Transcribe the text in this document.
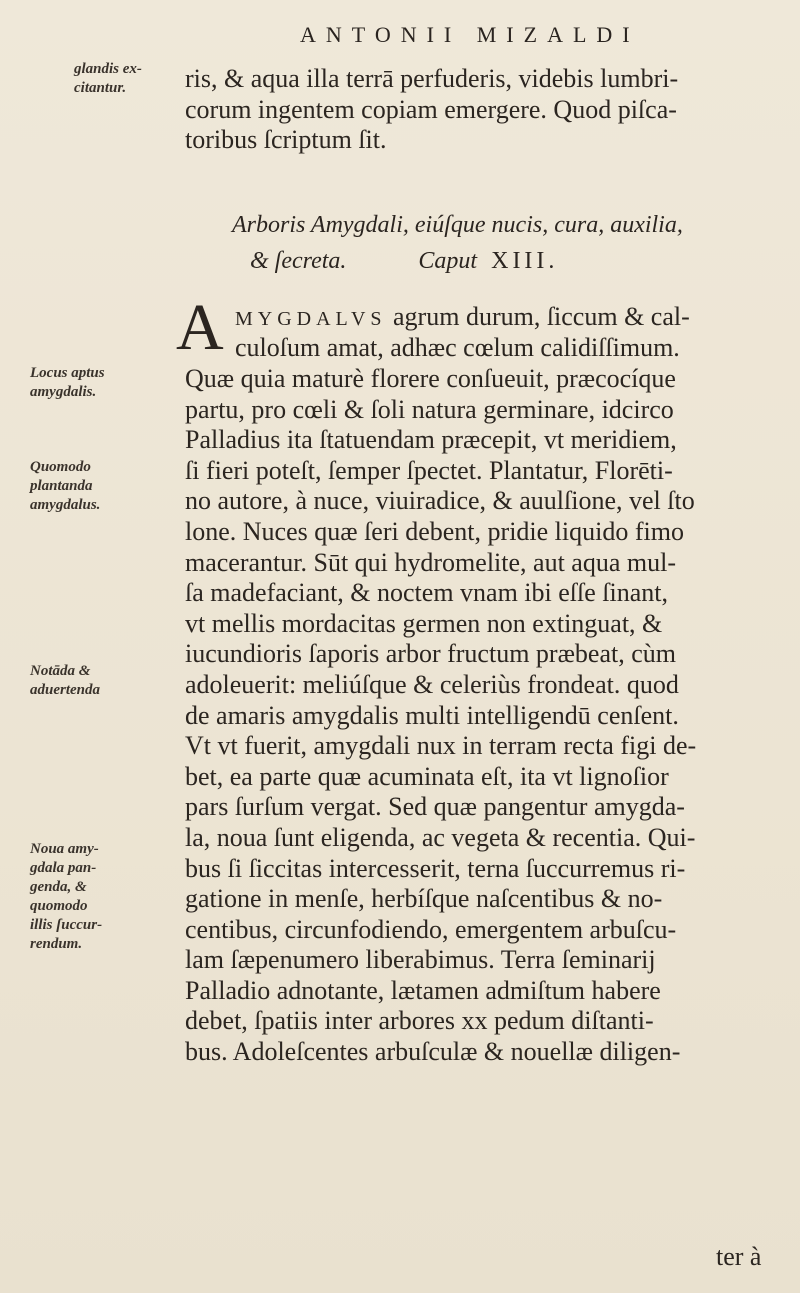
ANTONII MIZALDI
glandis ex-
citantur.	ris, & aqua illa terrā perfuderis, videbis lumbri-
corum ingentem copiam emergere. Quod piſca-
toribus ſcriptum ſit.
Arboris Amygdali, eiúſque nucis, cura, auxilia,
& ſecreta.	Caput XIII.
A MYGDALVS agrum durum, ſiccum & cal-
culoſum amat, adhæc cœlum calidiſſimum.
Locus aptus
amygdalis.
Quomodo
plantanda
amygdalus.
Notāda &
aduertenda
Noua amy-
gdala pan-
genda, &
quomodo
illis ſuccur-
rendum.
Quæ quia maturè florere conſueuit, præcocíque
partu, pro cœli & ſoli natura germinare, idcirco
Palladius ita ſtatuendam præcepit, vt meridiem,
ſi fieri poteſt, ſemper ſpectet. Plantatur, Florēti-
no autore, à nuce, viuiradice, & auulſione, vel ſto
lone. Nuces quæ ſeri debent, pridie liquido fimo
macerantur. Sūt qui hydromelite, aut aqua mul-
ſa madefaciant, & noctem vnam ibi eſſe ſinant,
vt mellis mordacitas germen non extinguat, &
iucundioris ſaporis arbor fructum præbeat, cùm
adoleuerit: meliúſque & celeriùs frondeat. quod
de amaris amygdalis multi intelligendū cenſent.
Vt vt fuerit, amygdali nux in terram recta figi de-
bet, ea parte quæ acuminata eſt, ita vt lignoſior
pars ſurſum vergat. Sed quæ pangentur amygda-
la, noua ſunt eligenda, ac vegeta & recentia. Qui-
bus ſi ſiccitas intercesserit, terna ſuccurremus ri-
gatione in menſe, herbíſque naſcentibus & no-
centibus, circunfodiendo, emergentem arbuſcu-
lam ſæpenumero liberabimus. Terra ſeminarij
Palladio adnotante, lætamen admiſtum habere
debet, ſpatiis inter arbores xx pedum diſtanti-
bus. Adoleſcentes arbuſculæ & nouellæ diligen-
ter à
